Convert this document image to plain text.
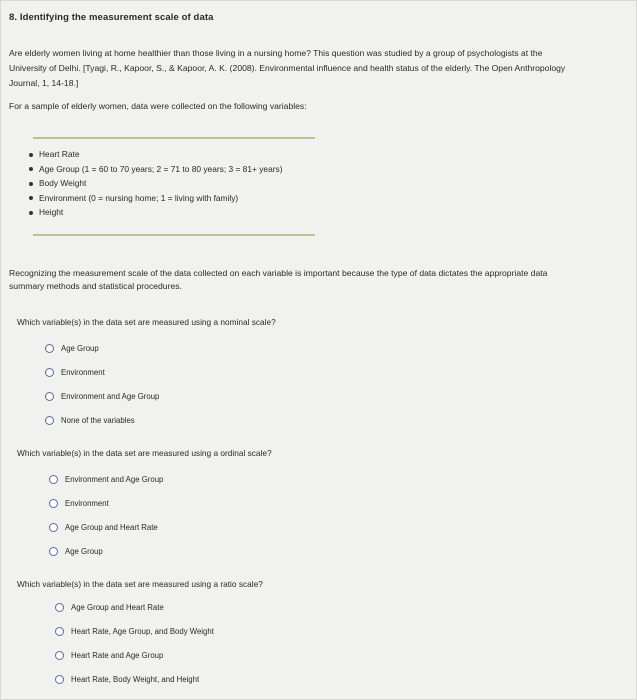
8. Identifying the measurement scale of data
Are elderly women living at home healthier than those living in a nursing home? This question was studied by a group of psychologists at the
University of Delhi. [Tyagi, R., Kapoor, S., & Kapoor, A. K. (2008). Environmental influence and health status of the elderly. The Open Anthropology
Journal, 1, 14-18.]
For a sample of elderly women, data were collected on the following variables:
Heart Rate
Age Group (1 = 60 to 70 years; 2 = 71 to 80 years; 3 = 81+ years)
Body Weight
Environment (0 = nursing home; 1 = living with family)
Height
Recognizing the measurement scale of the data collected on each variable is important because the type of data dictates the appropriate data
summary methods and statistical procedures.
Which variable(s) in the data set are measured using a nominal scale?
Age Group
Environment
Environment and Age Group
None of the variables
Which variable(s) in the data set are measured using a ordinal scale?
Environment and Age Group
Environment
Age Group and Heart Rate
Age Group
Which variable(s) in the data set are measured using a ratio scale?
Age Group and Heart Rate
Heart Rate, Age Group, and Body Weight
Heart Rate and Age Group
Heart Rate, Body Weight, and Height
